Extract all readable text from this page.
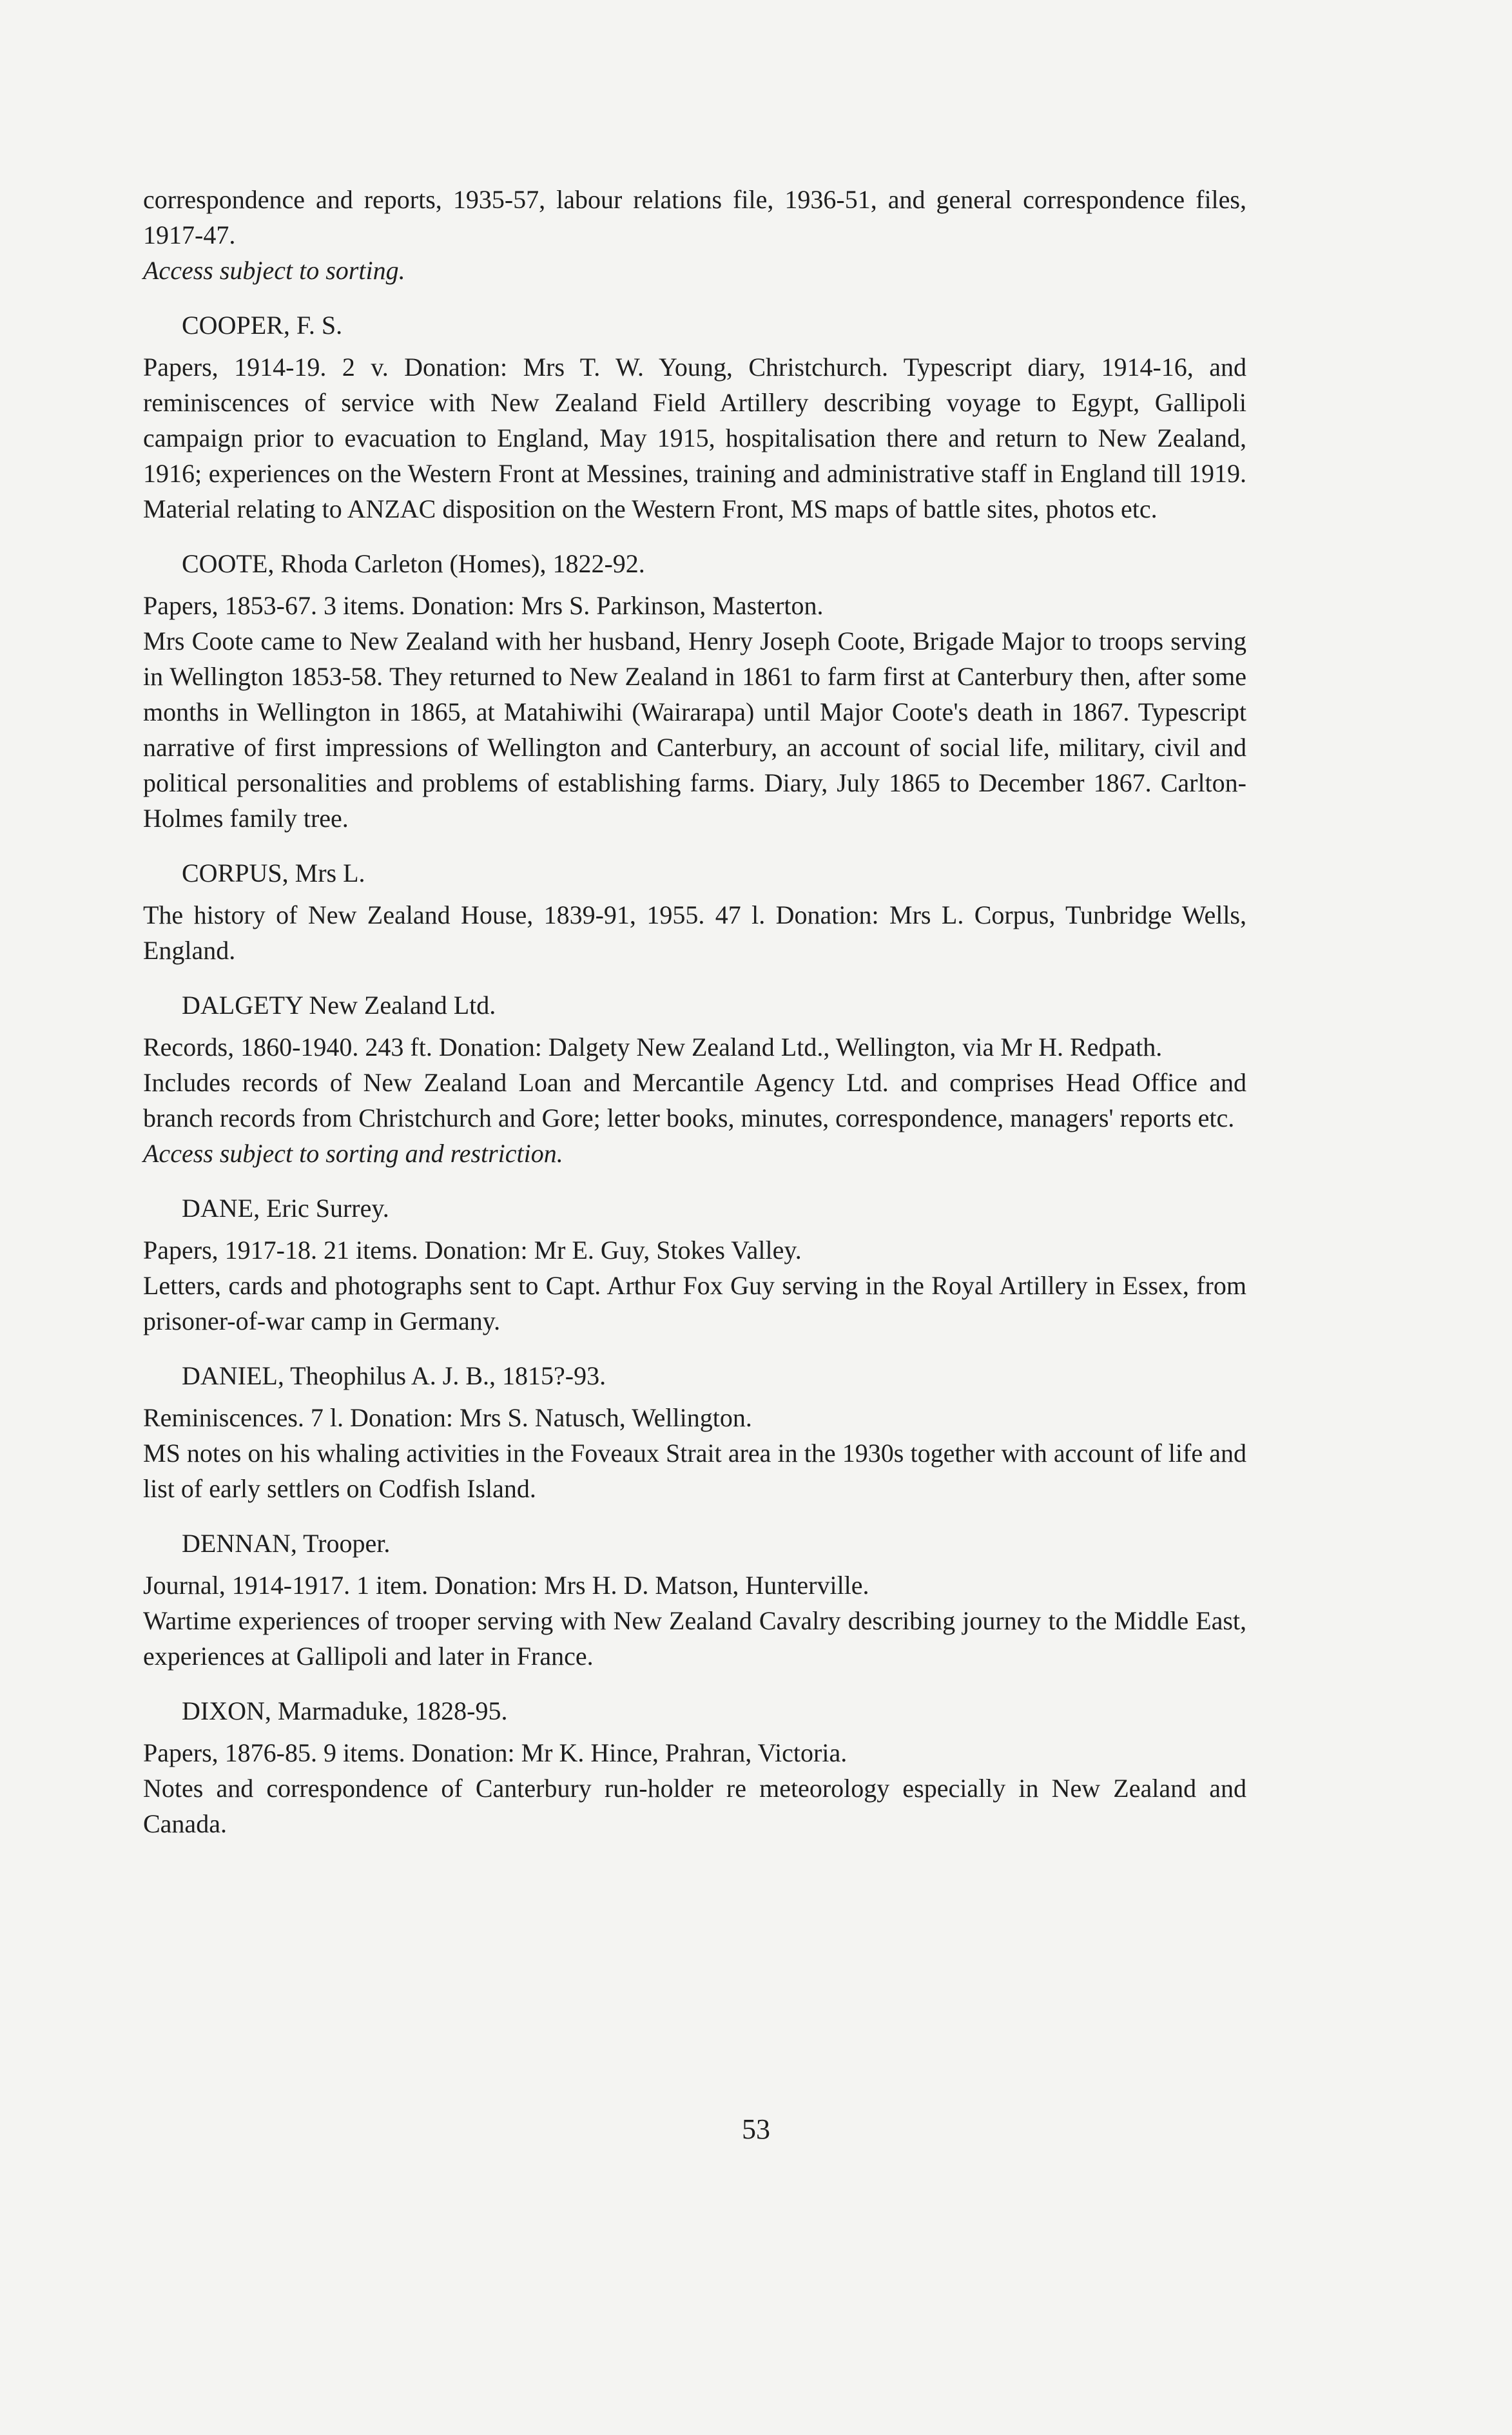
correspondence and reports, 1935-57, labour relations file, 1936-51, and general correspondence files, 1917-47.

Access subject to sorting.

COOPER, F. S.

Papers, 1914-19. 2 v. Donation: Mrs T. W. Young, Christchurch. Typescript diary, 1914-16, and reminiscences of service with New Zealand Field Artillery describing voyage to Egypt, Gallipoli campaign prior to evacuation to England, May 1915, hospitalisation there and return to New Zealand, 1916; experiences on the Western Front at Messines, training and administrative staff in England till 1919. Material relating to ANZAC disposition on the Western Front, MS maps of battle sites, photos etc.

COOTE, Rhoda Carleton (Homes), 1822-92.

Papers, 1853-67. 3 items. Donation: Mrs S. Parkinson, Masterton.

Mrs Coote came to New Zealand with her husband, Henry Joseph Coote, Brigade Major to troops serving in Wellington 1853-58. They returned to New Zealand in 1861 to farm first at Canterbury then, after some months in Wellington in 1865, at Matahiwihi (Wairarapa) until Major Coote's death in 1867. Typescript narrative of first impressions of Wellington and Canterbury, an account of social life, military, civil and political personalities and problems of establishing farms. Diary, July 1865 to December 1867. Carlton-Holmes family tree.

CORPUS, Mrs L.

The history of New Zealand House, 1839-91, 1955. 47 l. Donation: Mrs L. Corpus, Tunbridge Wells, England.

DALGETY New Zealand Ltd.

Records, 1860-1940. 243 ft. Donation: Dalgety New Zealand Ltd., Wellington, via Mr H. Redpath.

Includes records of New Zealand Loan and Mercantile Agency Ltd. and comprises Head Office and branch records from Christchurch and Gore; letter books, minutes, correspondence, managers' reports etc.

Access subject to sorting and restriction.

DANE, Eric Surrey.

Papers, 1917-18. 21 items. Donation: Mr E. Guy, Stokes Valley.

Letters, cards and photographs sent to Capt. Arthur Fox Guy serving in the Royal Artillery in Essex, from prisoner-of-war camp in Germany.

DANIEL, Theophilus A. J. B., 1815?-93.

Reminiscences. 7 l. Donation: Mrs S. Natusch, Wellington.

MS notes on his whaling activities in the Foveaux Strait area in the 1930s together with account of life and list of early settlers on Codfish Island.

DENNAN, Trooper.

Journal, 1914-1917. 1 item. Donation: Mrs H. D. Matson, Hunterville.

Wartime experiences of trooper serving with New Zealand Cavalry describing journey to the Middle East, experiences at Gallipoli and later in France.

DIXON, Marmaduke, 1828-95.

Papers, 1876-85. 9 items. Donation: Mr K. Hince, Prahran, Victoria.

Notes and correspondence of Canterbury run-holder re meteorology especially in New Zealand and Canada.

53
